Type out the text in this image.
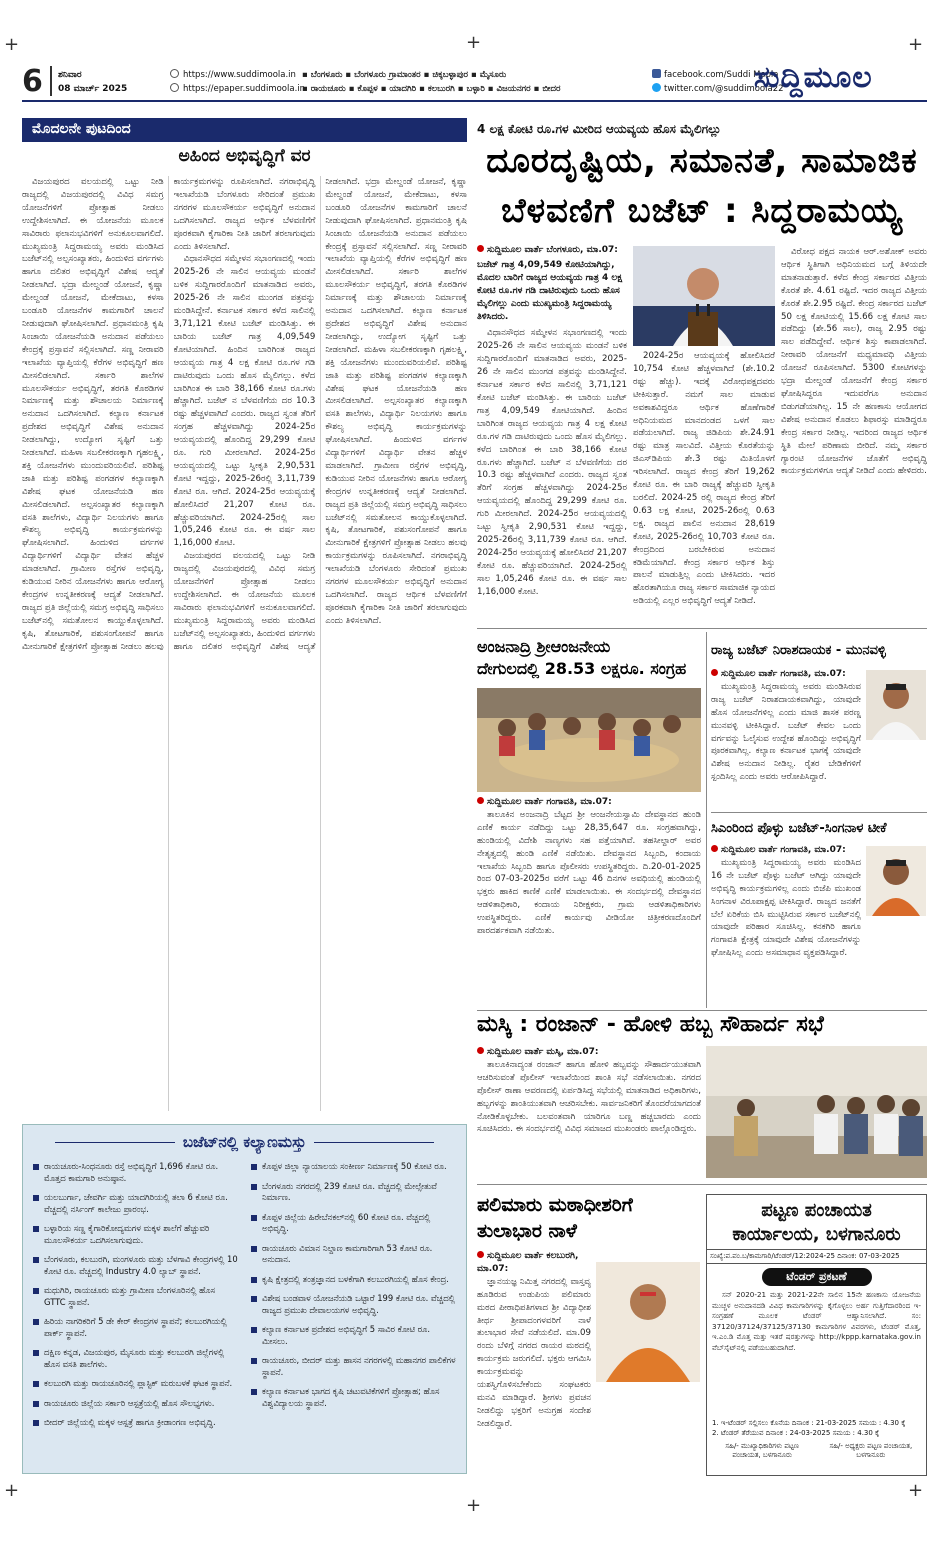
+	+
+	+
+
+
6 ಶನಿವಾರ
08 ಮಾರ್ಚ್ 2025
https://www.suddimoola.in
https://epaper.suddimoola.in
▪ ಬೆಂಗಳೂರು ▪ ಬೆಂಗಳೂರು ಗ್ರಾಮಾಂತರ ▪ ಚಿಕ್ಕಬಳ್ಳಾಪುರ ▪ ಮೈಸೂರು
▪ ರಾಯಚೂರು ▪ ಕೊಪ್ಪಳ ▪ ಯಾದಗಿರಿ ▪ ಕಲಬುರಗಿ ▪ ಬಳ್ಳಾರಿ ▪ ವಿಜಯನಗರ ▪ ಬೀದರ
facebook.com/Suddi Moola
twitter.com/@suddimoola22
ಸುದ್ದಿಮೂಲ
ಮೊದಲನೇ ಪುಟದಿಂದ
ಅಹಿಂದ ಅಭಿವೃದ್ಧಿಗೆ ವರ

ವಿಜಯಪುರದ ವಲಯದಲ್ಲಿ ಒಟ್ಟು ನೀಡಿ ರಾಜ್ಯದಲ್ಲಿ ವಿಜಯಪುರದಲ್ಲಿ ವಿವಿಧ ಸಮಗ್ರ ಯೋಜನೆಗಳಿಗೆ ಪ್ರೋತ್ಸಾಹ ನೀಡಲು ಉದ್ದೇಶಿಸಲಾಗಿದೆ. ಈ ಯೋಜನೆಯ ಮೂಲಕ ಸಾವಿರಾರು ಫಲಾನುಭವಿಗಳಿಗೆ ಅನುಕೂಲವಾಗಲಿದೆ. ಮುಖ್ಯಮಂತ್ರಿ ಸಿದ್ದರಾಮಯ್ಯ ಅವರು ಮಂಡಿಸಿದ ಬಜೆಟ್‌ನಲ್ಲಿ ಅಲ್ಪಸಂಖ್ಯಾತರು, ಹಿಂದುಳಿದ ವರ್ಗಗಳು ಹಾಗೂ ದಲಿತರ ಅಭಿವೃದ್ಧಿಗೆ ವಿಶೇಷ ಆದ್ಯತೆ ನೀಡಲಾಗಿದೆ. ಭದ್ರಾ ಮೇಲ್ದಂಡೆ ಯೋಜನೆ, ಕೃಷ್ಣಾ ಮೇಲ್ದಂಡೆ ಯೋಜನೆ, ಮೇಕೆದಾಟು, ಕಳಸಾ ಬಂಡೂರಿ ಯೋಜನೆಗಳ ಕಾಮಗಾರಿಗೆ ಚಾಲನೆ ನೀಡುವುದಾಗಿ ಘೋಷಿಸಲಾಗಿದೆ. ಪ್ರಧಾನಮಂತ್ರಿ ಕೃಷಿ ಸಿಂಚಾಯಿ ಯೋಜನೆಯಡಿ ಅನುದಾನ ಪಡೆಯಲು ಕೇಂದ್ರಕ್ಕೆ ಪ್ರಸ್ತಾವನೆ ಸಲ್ಲಿಸಲಾಗಿದೆ. ಸಣ್ಣ ನೀರಾವರಿ ಇಲಾಖೆಯ ವ್ಯಾಪ್ತಿಯಲ್ಲಿ ಕೆರೆಗಳ ಅಭಿವೃದ್ಧಿಗೆ ಹಣ ಮೀಸಲಿಡಲಾಗಿದೆ. ಸರ್ಕಾರಿ ಶಾಲೆಗಳ ಮೂಲಸೌಕರ್ಯ ಅಭಿವೃದ್ಧಿಗೆ, ತರಗತಿ ಕೊಠಡಿಗಳ ನಿರ್ಮಾಣಕ್ಕೆ ಮತ್ತು ಶೌಚಾಲಯ ನಿರ್ಮಾಣಕ್ಕೆ ಅನುದಾನ ಒದಗಿಸಲಾಗಿದೆ. ಕಲ್ಯಾಣ ಕರ್ನಾಟಕ ಪ್ರದೇಶದ ಅಭಿವೃದ್ಧಿಗೆ ವಿಶೇಷ ಅನುದಾನ ನೀಡಲಾಗಿದ್ದು, ಉದ್ಯೋಗ ಸೃಷ್ಟಿಗೆ ಒತ್ತು ನೀಡಲಾಗಿದೆ. ಮಹಿಳಾ ಸಬಲೀಕರಣಕ್ಕಾಗಿ ಗೃಹಲಕ್ಷ್ಮಿ, ಶಕ್ತಿ ಯೋಜನೆಗಳು ಮುಂದುವರಿಯಲಿವೆ. ಪರಿಶಿಷ್ಟ ಜಾತಿ ಮತ್ತು ಪರಿಶಿಷ್ಟ ಪಂಗಡಗಳ ಕಲ್ಯಾಣಕ್ಕಾಗಿ ವಿಶೇಷ ಘಟಕ ಯೋಜನೆಯಡಿ ಹಣ ಮೀಸಲಿಡಲಾಗಿದೆ. ಅಲ್ಪಸಂಖ್ಯಾತರ ಕಲ್ಯಾಣಕ್ಕಾಗಿ ವಸತಿ ಶಾಲೆಗಳು, ವಿದ್ಯಾರ್ಥಿ ನಿಲಯಗಳು ಹಾಗೂ ಕೌಶಲ್ಯ ಅಭಿವೃದ್ಧಿ ಕಾರ್ಯಕ್ರಮಗಳನ್ನು ಘೋಷಿಸಲಾಗಿದೆ. ಹಿಂದುಳಿದ ವರ್ಗಗಳ ವಿದ್ಯಾರ್ಥಿಗಳಿಗೆ ವಿದ್ಯಾರ್ಥಿ ವೇತನ ಹೆಚ್ಚಳ ಮಾಡಲಾಗಿದೆ. ಗ್ರಾಮೀಣ ರಸ್ತೆಗಳ ಅಭಿವೃದ್ಧಿ, ಕುಡಿಯುವ ನೀರಿನ ಯೋಜನೆಗಳು ಹಾಗೂ ಆರೋಗ್ಯ ಕೇಂದ್ರಗಳ ಉನ್ನತೀಕರಣಕ್ಕೆ ಆದ್ಯತೆ ನೀಡಲಾಗಿದೆ. ರಾಜ್ಯದ ಪ್ರತಿ ಜಿಲ್ಲೆಯಲ್ಲಿ ಸಮಗ್ರ ಅಭಿವೃದ್ಧಿ ಸಾಧಿಸಲು ಬಜೆಟ್‌ನಲ್ಲಿ ಸಮತೋಲನ ಕಾಯ್ದುಕೊಳ್ಳಲಾಗಿದೆ. ಕೃಷಿ, ತೋಟಗಾರಿಕೆ, ಪಶುಸಂಗೋಪನೆ ಹಾಗೂ ಮೀನುಗಾರಿಕೆ ಕ್ಷೇತ್ರಗಳಿಗೆ ಪ್ರೋತ್ಸಾಹ ನೀಡಲು ಹಲವು ಕಾರ್ಯಕ್ರಮಗಳನ್ನು ರೂಪಿಸಲಾಗಿದೆ. ನಗರಾಭಿವೃದ್ಧಿ ಇಲಾಖೆಯಡಿ ಬೆಂಗಳೂರು ಸೇರಿದಂತೆ ಪ್ರಮುಖ ನಗರಗಳ ಮೂಲಸೌಕರ್ಯ ಅಭಿವೃದ್ಧಿಗೆ ಅನುದಾನ ಒದಗಿಸಲಾಗಿದೆ. ರಾಜ್ಯದ ಆರ್ಥಿಕ ಬೆಳವಣಿಗೆಗೆ ಪೂರಕವಾಗಿ ಕೈಗಾರಿಕಾ ನೀತಿ ಜಾರಿಗೆ ತರಲಾಗುವುದು ಎಂದು ತಿಳಿಸಲಾಗಿದೆ.

ವಿಧಾನಸೌಧದ ಸಮ್ಮೇಳನ ಸಭಾಂಗಣದಲ್ಲಿ ಇಂದು 2025-26 ನೇ ಸಾಲಿನ ಆಯವ್ಯಯ ಮಂಡನೆ ಬಳಿಕ ಸುದ್ದಿಗಾರರೊಂದಿಗೆ ಮಾತನಾಡಿದ ಅವರು, 2025-26 ನೇ ಸಾಲಿನ ಮುಂಗಡ ಪತ್ರವನ್ನು ಮಂಡಿಸಿದ್ದೇನೆ. ಕರ್ನಾಟಕ ಸರ್ಕಾರ ಕಳೆದ ಸಾಲಿನಲ್ಲಿ 3,71,121 ಕೋಟಿ ಬಜೆಟ್ ಮಂಡಿಸಿತ್ತು. ಈ ಬಾರಿಯ ಬಜೆಟ್ ಗಾತ್ರ 4,09,549 ಕೋಟಿಯಾಗಿದೆ. ಹಿಂದಿನ ಬಾರಿಗಿಂತ ರಾಜ್ಯದ ಆಯವ್ಯಯ ಗಾತ್ರ 4 ಲಕ್ಷ ಕೋಟಿ ರೂ.ಗಳ ಗಡಿ ದಾಟಿರುವುದು ಒಂದು ಹೊಸ ಮೈಲಿಗಲ್ಲು. ಕಳೆದ ಬಾರಿಗಿಂತ ಈ ಬಾರಿ 38,166 ಕೋಟಿ ರೂ.ಗಳು ಹೆಚ್ಚಾಗಿದೆ. ಬಜೆಟ್ ನ ಬೆಳವಣಿಗೆಯ ದರ 10.3 ರಷ್ಟು ಹೆಚ್ಚಳವಾಗಿದೆ ಎಂದರು. ರಾಜ್ಯದ ಸ್ವಂತ ತೆರಿಗೆ ಸಂಗ್ರಹ ಹೆಚ್ಚಳವಾಗಿದ್ದು 2024-25ರ ಆಯವ್ಯಯದಲ್ಲಿ ಹೊಂದಿದ್ದ 29,299 ಕೋಟಿ ರೂ. ಗುರಿ ಮೀರಲಾಗಿದೆ. 2024-25ರ ಆಯವ್ಯಯದಲ್ಲಿ ಒಟ್ಟು ಸ್ವೀಕೃತಿ 2,90,531 ಕೋಟಿ ಇದ್ದದ್ದು, 2025-26ರಲ್ಲಿ 3,11,739 ಕೋಟಿ ರೂ. ಆಗಿದೆ. 2024-25ರ ಆಯವ್ಯಯಕ್ಕೆ ಹೋಲಿಸಿದರೆ 21,207 ಕೋಟಿ ರೂ. ಹೆಚ್ಚುವರಿಯಾಗಿದೆ. 2024-25ರಲ್ಲಿ ಸಾಲ 1,05,246 ಕೋಟಿ ರೂ. ಈ ವರ್ಷ ಸಾಲ 1,16,000 ಕೋಟಿ.

ವಿಜಯಪುರದ ವಲಯದಲ್ಲಿ ಒಟ್ಟು ನೀಡಿ ರಾಜ್ಯದಲ್ಲಿ ವಿಜಯಪುರದಲ್ಲಿ ವಿವಿಧ ಸಮಗ್ರ ಯೋಜನೆಗಳಿಗೆ ಪ್ರೋತ್ಸಾಹ ನೀಡಲು ಉದ್ದೇಶಿಸಲಾಗಿದೆ. ಈ ಯೋಜನೆಯ ಮೂಲಕ ಸಾವಿರಾರು ಫಲಾನುಭವಿಗಳಿಗೆ ಅನುಕೂಲವಾಗಲಿದೆ. ಮುಖ್ಯಮಂತ್ರಿ ಸಿದ್ದರಾಮಯ್ಯ ಅವರು ಮಂಡಿಸಿದ ಬಜೆಟ್‌ನಲ್ಲಿ ಅಲ್ಪಸಂಖ್ಯಾತರು, ಹಿಂದುಳಿದ ವರ್ಗಗಳು ಹಾಗೂ ದಲಿತರ ಅಭಿವೃದ್ಧಿಗೆ ವಿಶೇಷ ಆದ್ಯತೆ ನೀಡಲಾಗಿದೆ. ಭದ್ರಾ ಮೇಲ್ದಂಡೆ ಯೋಜನೆ, ಕೃಷ್ಣಾ ಮೇಲ್ದಂಡೆ ಯೋಜನೆ, ಮೇಕೆದಾಟು, ಕಳಸಾ ಬಂಡೂರಿ ಯೋಜನೆಗಳ ಕಾಮಗಾರಿಗೆ ಚಾಲನೆ ನೀಡುವುದಾಗಿ ಘೋಷಿಸಲಾಗಿದೆ. ಪ್ರಧಾನಮಂತ್ರಿ ಕೃಷಿ ಸಿಂಚಾಯಿ ಯೋಜನೆಯಡಿ ಅನುದಾನ ಪಡೆಯಲು ಕೇಂದ್ರಕ್ಕೆ ಪ್ರಸ್ತಾವನೆ ಸಲ್ಲಿಸಲಾಗಿದೆ. ಸಣ್ಣ ನೀರಾವರಿ ಇಲಾಖೆಯ ವ್ಯಾಪ್ತಿಯಲ್ಲಿ ಕೆರೆಗಳ ಅಭಿವೃದ್ಧಿಗೆ ಹಣ ಮೀಸಲಿಡಲಾಗಿದೆ. ಸರ್ಕಾರಿ ಶಾಲೆಗಳ ಮೂಲಸೌಕರ್ಯ ಅಭಿವೃದ್ಧಿಗೆ, ತರಗತಿ ಕೊಠಡಿಗಳ ನಿರ್ಮಾಣಕ್ಕೆ ಮತ್ತು ಶೌಚಾಲಯ ನಿರ್ಮಾಣಕ್ಕೆ ಅನುದಾನ ಒದಗಿಸಲಾಗಿದೆ. ಕಲ್ಯಾಣ ಕರ್ನಾಟಕ ಪ್ರದೇಶದ ಅಭಿವೃದ್ಧಿಗೆ ವಿಶೇಷ ಅನುದಾನ ನೀಡಲಾಗಿದ್ದು, ಉದ್ಯೋಗ ಸೃಷ್ಟಿಗೆ ಒತ್ತು ನೀಡಲಾಗಿದೆ. ಮಹಿಳಾ ಸಬಲೀಕರಣಕ್ಕಾಗಿ ಗೃಹಲಕ್ಷ್ಮಿ, ಶಕ್ತಿ ಯೋಜನೆಗಳು ಮುಂದುವರಿಯಲಿವೆ. ಪರಿಶಿಷ್ಟ ಜಾತಿ ಮತ್ತು ಪರಿಶಿಷ್ಟ ಪಂಗಡಗಳ ಕಲ್ಯಾಣಕ್ಕಾಗಿ ವಿಶೇಷ ಘಟಕ ಯೋಜನೆಯಡಿ ಹಣ ಮೀಸಲಿಡಲಾಗಿದೆ. ಅಲ್ಪಸಂಖ್ಯಾತರ ಕಲ್ಯಾಣಕ್ಕಾಗಿ ವಸತಿ ಶಾಲೆಗಳು, ವಿದ್ಯಾರ್ಥಿ ನಿಲಯಗಳು ಹಾಗೂ ಕೌಶಲ್ಯ ಅಭಿವೃದ್ಧಿ ಕಾರ್ಯಕ್ರಮಗಳನ್ನು ಘೋಷಿಸಲಾಗಿದೆ. ಹಿಂದುಳಿದ ವರ್ಗಗಳ ವಿದ್ಯಾರ್ಥಿಗಳಿಗೆ ವಿದ್ಯಾರ್ಥಿ ವೇತನ ಹೆಚ್ಚಳ ಮಾಡಲಾಗಿದೆ. ಗ್ರಾಮೀಣ ರಸ್ತೆಗಳ ಅಭಿವೃದ್ಧಿ, ಕುಡಿಯುವ ನೀರಿನ ಯೋಜನೆಗಳು ಹಾಗೂ ಆರೋಗ್ಯ ಕೇಂದ್ರಗಳ ಉನ್ನತೀಕರಣಕ್ಕೆ ಆದ್ಯತೆ ನೀಡಲಾಗಿದೆ. ರಾಜ್ಯದ ಪ್ರತಿ ಜಿಲ್ಲೆಯಲ್ಲಿ ಸಮಗ್ರ ಅಭಿವೃದ್ಧಿ ಸಾಧಿಸಲು ಬಜೆಟ್‌ನಲ್ಲಿ ಸಮತೋಲನ ಕಾಯ್ದುಕೊಳ್ಳಲಾಗಿದೆ. ಕೃಷಿ, ತೋಟಗಾರಿಕೆ, ಪಶುಸಂಗೋಪನೆ ಹಾಗೂ ಮೀನುಗಾರಿಕೆ ಕ್ಷೇತ್ರಗಳಿಗೆ ಪ್ರೋತ್ಸಾಹ ನೀಡಲು ಹಲವು ಕಾರ್ಯಕ್ರಮಗಳನ್ನು ರೂಪಿಸಲಾಗಿದೆ. ನಗರಾಭಿವೃದ್ಧಿ ಇಲಾಖೆಯಡಿ ಬೆಂಗಳೂರು ಸೇರಿದಂತೆ ಪ್ರಮುಖ ನಗರಗಳ ಮೂಲಸೌಕರ್ಯ ಅಭಿವೃದ್ಧಿಗೆ ಅನುದಾನ ಒದಗಿಸಲಾಗಿದೆ. ರಾಜ್ಯದ ಆರ್ಥಿಕ ಬೆಳವಣಿಗೆಗೆ ಪೂರಕವಾಗಿ ಕೈಗಾರಿಕಾ ನೀತಿ ಜಾರಿಗೆ ತರಲಾಗುವುದು ಎಂದು ತಿಳಿಸಲಾಗಿದೆ.

ಬಜೆಟ್‌ನಲ್ಲಿ ಕಲ್ಯಾಣಮಸ್ತು
ರಾಯಚೂರು-ಸಿಂಧನೂರು ರಸ್ತೆ ಅಭಿವೃದ್ಧಿಗೆ 1,696 ಕೋಟಿ ರೂ. ಮೊತ್ತದ ಕಾಮಗಾರಿ ಅನುಷ್ಠಾನ.
ಯಲಬುರ್ಗಾ, ಜೇವರ್ಗಿ ಮತ್ತು ಯಾದಗಿರಿಯಲ್ಲಿ ತಲಾ 6 ಕೋಟಿ ರೂ. ವೆಚ್ಚದಲ್ಲಿ ನರ್ಸಿಂಗ್ ಕಾಲೇಜು ಪ್ರಾರಂಭ.
ಬಳ್ಳಾರಿಯ ಸಣ್ಣ ಕೈಗಾರಿಕೋದ್ಯಮಗಳ ಮಕ್ಕಳ ಶಾಲೆಗೆ ಹೆಚ್ಚುವರಿ ಮೂಲಸೌಕರ್ಯ ಒದಗಿಸಲಾಗುವುದು.
ಬೆಂಗಳೂರು, ಕಲಬುರಗಿ, ಮಂಗಳೂರು ಮತ್ತು ಬೆಳಗಾವಿ ಕೇಂದ್ರಗಳಲ್ಲಿ 10 ಕೋಟಿ ರೂ. ವೆಚ್ಚದಲ್ಲಿ Industry 4.0 ಲ್ಯಾಬ್ ಸ್ಥಾಪನೆ.
ಮಧುಗಿರಿ, ರಾಯಚೂರು ಮತ್ತು ಗ್ರಾಮೀಣ ಬೆಂಗಳೂರಿನಲ್ಲಿ ಹೊಸ GTTC ಸ್ಥಾಪನೆ.
ಹಿರಿಯ ನಾಗರಿಕರಿಗೆ 5 ಡೇ ಕೇರ್ ಕೇಂದ್ರಗಳ ಸ್ಥಾಪನೆ; ಕಲಬುರಗಿಯಲ್ಲಿ ಪಾರ್ಕ್ ಸ್ಥಾಪನೆ.
ದಕ್ಷಿಣ ಕನ್ನಡ, ವಿಜಯಪುರ, ಮೈಸೂರು ಮತ್ತು ಕಲಬುರಗಿ ಜಿಲ್ಲೆಗಳಲ್ಲಿ ಹೊಸ ವಸತಿ ಶಾಲೆಗಳು.
ಕಲಬುರಗಿ ಮತ್ತು ರಾಯಚೂರಿನಲ್ಲಿ ಪ್ಲಾಸ್ಟಿಕ್ ಮರುಬಳಕೆ ಘಟಕ ಸ್ಥಾಪನೆ.
ರಾಯಚೂರು ಜಿಲ್ಲೆಯ ಸರ್ಕಾರಿ ಆಸ್ಪತ್ರೆಯಲ್ಲಿ ಹೊಸ ಸೌಲಭ್ಯಗಳು.
ಬೀದರ್ ಜಿಲ್ಲೆಯಲ್ಲಿ ಮಕ್ಕಳ ಆಸ್ಪತ್ರೆ ಹಾಗೂ ಕ್ರೀಡಾಂಗಣ ಅಭಿವೃದ್ಧಿ.
ಕೊಪ್ಪಳ ಜಿಲ್ಲಾ ನ್ಯಾಯಾಲಯ ಸಂಕೀರ್ಣ ನಿರ್ಮಾಣಕ್ಕೆ 50 ಕೋಟಿ ರೂ.
ಬೆಂಗಳೂರು ನಗರದಲ್ಲಿ 239 ಕೋಟಿ ರೂ. ವೆಚ್ಚದಲ್ಲಿ ಮೇಲ್ಸೇತುವೆ ನಿರ್ಮಾಣ.
ಕೊಪ್ಪಳ ಜಿಲ್ಲೆಯ ಹಿರೇಬೆನಕಲ್‌ನಲ್ಲಿ 60 ಕೋಟಿ ರೂ. ವೆಚ್ಚದಲ್ಲಿ ಅಭಿವೃದ್ಧಿ.
ರಾಯಚೂರು ವಿಮಾನ ನಿಲ್ದಾಣ ಕಾಮಗಾರಿಗಾಗಿ 53 ಕೋಟಿ ರೂ. ಅನುದಾನ.
ಕೃಷಿ ಕ್ಷೇತ್ರದಲ್ಲಿ ತಂತ್ರಜ್ಞಾನದ ಬಳಕೆಗಾಗಿ ಕಲಬುರಗಿಯಲ್ಲಿ ಹೊಸ ಕೇಂದ್ರ.
ವಿಶೇಷ ಬಂಡವಾಳ ಯೋಜನೆಯಡಿ ಒಟ್ಟಾರೆ 199 ಕೋಟಿ ರೂ. ವೆಚ್ಚದಲ್ಲಿ ರಾಜ್ಯದ ಪ್ರಮುಖ ದೇವಾಲಯಗಳ ಅಭಿವೃದ್ಧಿ.
ಕಲ್ಯಾಣ ಕರ್ನಾಟಕ ಪ್ರದೇಶದ ಅಭಿವೃದ್ಧಿಗೆ 5 ಸಾವಿರ ಕೋಟಿ ರೂ. ಮೀಸಲು.
ರಾಯಚೂರು, ಬೀದರ್ ಮತ್ತು ಹಾಸನ ನಗರಗಳಲ್ಲಿ ಮಹಾನಗರ ಪಾಲಿಕೆಗಳ ಸ್ಥಾಪನೆ.
ಕಲ್ಯಾಣ ಕರ್ನಾಟಕ ಭಾಗದ ಕೃಷಿ ಚಟುವಟಿಕೆಗಳಿಗೆ ಪ್ರೋತ್ಸಾಹ; ಹೊಸ ವಿಶ್ವವಿದ್ಯಾಲಯ ಸ್ಥಾಪನೆ.
4 ಲಕ್ಷ ಕೋಟಿ ರೂ.ಗಳ ಮೀರಿದ ಆಯವ್ಯಯ ಹೊಸ ಮೈಲಿಗಲ್ಲು
ದೂರದೃಷ್ಟಿಯ, ಸಮಾನತೆ, ಸಾಮಾಜಿಕ
ಬೆಳವಣಿಗೆ ಬಜೆಟ್ : ಸಿದ್ದರಾಮಯ್ಯ
ಸುದ್ದಿಮೂಲ ವಾರ್ತೆ ಬೆಂಗಳೂರು, ಮಾ.07:
ಬಜೆಟ್ ಗಾತ್ರ 4,09,549 ಕೋಟಿಯಾಗಿದ್ದು, ಮೊದಲ ಬಾರಿಗೆ ರಾಜ್ಯದ ಆಯವ್ಯಯ ಗಾತ್ರ 4 ಲಕ್ಷ ಕೋಟಿ ರೂ.ಗಳ ಗಡಿ ದಾಟಿರುವುದು ಒಂದು ಹೊಸ ಮೈಲಿಗಲ್ಲು ಎಂದು ಮುಖ್ಯಮಂತ್ರಿ ಸಿದ್ದರಾಮಯ್ಯ ತಿಳಿಸಿದರು.

ವಿಧಾನಸೌಧದ ಸಮ್ಮೇಳನ ಸಭಾಂಗಣದಲ್ಲಿ ಇಂದು 2025-26 ನೇ ಸಾಲಿನ ಆಯವ್ಯಯ ಮಂಡನೆ ಬಳಿಕ ಸುದ್ದಿಗಾರರೊಂದಿಗೆ ಮಾತನಾಡಿದ ಅವರು, 2025-26 ನೇ ಸಾಲಿನ ಮುಂಗಡ ಪತ್ರವನ್ನು ಮಂಡಿಸಿದ್ದೇನೆ. ಕರ್ನಾಟಕ ಸರ್ಕಾರ ಕಳೆದ ಸಾಲಿನಲ್ಲಿ 3,71,121 ಕೋಟಿ ಬಜೆಟ್ ಮಂಡಿಸಿತ್ತು. ಈ ಬಾರಿಯ ಬಜೆಟ್ ಗಾತ್ರ 4,09,549 ಕೋಟಿಯಾಗಿದೆ. ಹಿಂದಿನ ಬಾರಿಗಿಂತ ರಾಜ್ಯದ ಆಯವ್ಯಯ ಗಾತ್ರ 4 ಲಕ್ಷ ಕೋಟಿ ರೂ.ಗಳ ಗಡಿ ದಾಟಿರುವುದು ಒಂದು ಹೊಸ ಮೈಲಿಗಲ್ಲು. ಕಳೆದ ಬಾರಿಗಿಂತ ಈ ಬಾರಿ 38,166 ಕೋಟಿ ರೂ.ಗಳು ಹೆಚ್ಚಾಗಿದೆ. ಬಜೆಟ್ ನ ಬೆಳವಣಿಗೆಯ ದರ 10.3 ರಷ್ಟು ಹೆಚ್ಚಳವಾಗಿದೆ ಎಂದರು. ರಾಜ್ಯದ ಸ್ವಂತ ತೆರಿಗೆ ಸಂಗ್ರಹ ಹೆಚ್ಚಳವಾಗಿದ್ದು 2024-25ರ ಆಯವ್ಯಯದಲ್ಲಿ ಹೊಂದಿದ್ದ 29,299 ಕೋಟಿ ರೂ. ಗುರಿ ಮೀರಲಾಗಿದೆ. 2024-25ರ ಆಯವ್ಯಯದಲ್ಲಿ ಒಟ್ಟು ಸ್ವೀಕೃತಿ 2,90,531 ಕೋಟಿ ಇದ್ದದ್ದು, 2025-26ರಲ್ಲಿ 3,11,739 ಕೋಟಿ ರೂ. ಆಗಿದೆ. 2024-25ರ ಆಯವ್ಯಯಕ್ಕೆ ಹೋಲಿಸಿದರೆ 21,207 ಕೋಟಿ ರೂ. ಹೆಚ್ಚುವರಿಯಾಗಿದೆ. 2024-25ರಲ್ಲಿ ಸಾಲ 1,05,246 ಕೋಟಿ ರೂ. ಈ ವರ್ಷ ಸಾಲ 1,16,000 ಕೋಟಿ.

2024-25ರ ಆಯವ್ಯಯಕ್ಕೆ ಹೋಲಿಸಿದರೆ 10,754 ಕೋಟಿ ಹೆಚ್ಚಳವಾಗಿದೆ (ಶೇ.10.2 ರಷ್ಟು ಹೆಚ್ಚು). ಇದಕ್ಕೆ ವಿರೋಧಪಕ್ಷದವರು ಟೀಕಿಸುತ್ತಾರೆ. ನಮಗೆ ಸಾಲ ಮಾಡುವ ಅವಕಾಶವಿದ್ದರೂ ಆರ್ಥಿಕ ಹೊಣೆಗಾರಿಕೆ ಅಧಿನಿಯಮದ ಮಾನದಂಡದ ಒಳಗೆ ಸಾಲ ಪಡೆಯಲಾಗಿದೆ. ರಾಜ್ಯ ಜಿಡಿಪಿಯ ಶೇ.24.91 ರಷ್ಟು ಮಾತ್ರ ಸಾಲವಿದೆ. ವಿತ್ತೀಯ ಕೊರತೆಯನ್ನು ಜಿಎಸ್‌ಡಿಪಿಯ ಶೇ.3 ರಷ್ಟು ಮಿತಿಯೊಳಗೆ ಇರಿಸಲಾಗಿದೆ. ರಾಜ್ಯದ ಕೇಂದ್ರ ತೆರಿಗೆ 19,262 ಕೋಟಿ ರೂ. ಈ ಬಾರಿ ರಾಜ್ಯಕ್ಕೆ ಹೆಚ್ಚುವರಿ ಸ್ವೀಕೃತಿ ಬರಲಿದೆ. 2024-25 ರಲ್ಲಿ ರಾಜ್ಯದ ಕೇಂದ್ರ ತೆರಿಗೆ 0.63 ಲಕ್ಷ ಕೋಟಿ, 2025-26ರಲ್ಲಿ 0.63 ಲಕ್ಷ. ರಾಜ್ಯದ ಪಾಲಿನ ಅನುದಾನ 28,619 ಕೋಟಿ, 2025-26ರಲ್ಲಿ 10,703 ಕೋಟಿ ರೂ. ಕೇಂದ್ರದಿಂದ ಬರಬೇಕಿರುವ ಅನುದಾನ ಕಡಿಮೆಯಾಗಿದೆ. ಕೇಂದ್ರ ಸರ್ಕಾರ ಆರ್ಥಿಕ ಶಿಸ್ತು ಪಾಲನೆ ಮಾಡುತ್ತಿಲ್ಲ ಎಂದು ಟೀಕಿಸಿದರು. ಇದರ ಹೊರತಾಗಿಯೂ ರಾಜ್ಯ ಸರ್ಕಾರ ಸಾಮಾಜಿಕ ನ್ಯಾಯದ ಅಡಿಯಲ್ಲಿ ಎಲ್ಲರ ಅಭಿವೃದ್ಧಿಗೆ ಆದ್ಯತೆ ನೀಡಿದೆ.

ವಿರೋಧ ಪಕ್ಷದ ನಾಯಕ ಆರ್.ಅಶೋಕ್ ಅವರು ಆರ್ಥಿಕ ಸ್ಥಿತಿಗಾಗಿ ಅಧಿನಿಯಮದ ಬಗ್ಗೆ ತಿಳಿಯದೇ ಮಾತನಾಡುತ್ತಾರೆ. ಕಳೆದ ಕೇಂದ್ರ ಸರ್ಕಾರದ ವಿತ್ತೀಯ ಕೊರತೆ ಶೇ. 4.61 ರಷ್ಟಿದೆ. ಇದರ ರಾಜ್ಯದ ವಿತ್ತೀಯ ಕೊರತೆ ಶೇ.2.95 ರಷ್ಟಿದೆ. ಕೇಂದ್ರ ಸರ್ಕಾರದ ಬಜೆಟ್ 50 ಲಕ್ಷ ಕೋಟಿಯಲ್ಲಿ 15.66 ಲಕ್ಷ ಕೋಟಿ ಸಾಲ ಪಡೆದಿದ್ದು (ಶೇ.56 ಸಾಲ), ರಾಜ್ಯ 2.95 ರಷ್ಟು ಸಾಲ ಪಡೆದಿದ್ದೇವೆ. ಆರ್ಥಿಕ ಶಿಸ್ತು ಕಾಪಾಡಲಾಗಿದೆ. ನೀರಾವರಿ ಯೋಜನೆಗೆ ಮಧ್ಯಮಾವಧಿ ವಿತ್ತೀಯ ಯೋಜನೆ ರೂಪಿಸಲಾಗಿದೆ. 5300 ಕೋಟಿಗಳನ್ನು ಭದ್ರಾ ಮೇಲ್ದಂಡೆ ಯೋಜನೆಗೆ ಕೇಂದ್ರ ಸರ್ಕಾರ ಘೋಷಿಸಿದ್ದರೂ ಇದುವರೆಗೂ ಅನುದಾನ ಬಿಡುಗಡೆಯಾಗಿಲ್ಲ. 15 ನೇ ಹಣಕಾಸು ಆಯೋಗದ ವಿಶೇಷ ಅನುದಾನ ಕೊಡಲು ಶಿಫಾರಸ್ಸು ಮಾಡಿದ್ದರೂ ಕೇಂದ್ರ ಸರ್ಕಾರ ನೀಡಿಲ್ಲ. ಇದರಿಂದ ರಾಜ್ಯದ ಆರ್ಥಿಕ ಸ್ಥಿತಿ ಮೇಲೆ ಪರಿಣಾಮ ಬೀರಿದೆ. ನಮ್ಮ ಸರ್ಕಾರ ಗ್ಯಾರಂಟಿ ಯೋಜನೆಗಳ ಜೊತೆಗೆ ಅಭಿವೃದ್ಧಿ ಕಾರ್ಯಕ್ರಮಗಳಿಗೂ ಆದ್ಯತೆ ನೀಡಿದೆ ಎಂದು ಹೇಳಿದರು.

ಅಂಜನಾದ್ರಿ ಶ್ರೀಆಂಜನೇಯ
ದೇಗುಲದಲ್ಲಿ 28.53 ಲಕ್ಷರೂ. ಸಂಗ್ರಹ
ಸುದ್ದಿಮೂಲ ವಾರ್ತೆ ಗಂಗಾವತಿ, ಮಾ.07:

ತಾಲೂಕಿನ ಅಂಜನಾದ್ರಿ ಬೆಟ್ಟದ ಶ್ರೀ ಆಂಜನೇಯಸ್ವಾಮಿ ದೇವಸ್ಥಾನದ ಹುಂಡಿ ಎಣಿಕೆ ಕಾರ್ಯ ನಡೆದಿದ್ದು ಒಟ್ಟು 28,35,647 ರೂ. ಸಂಗ್ರಹವಾಗಿದ್ದು, ಹುಂಡಿಯಲ್ಲಿ ವಿದೇಶಿ ನಾಣ್ಯಗಳು ಸಹ ಪತ್ತೆಯಾಗಿವೆ. ತಹಸೀಲ್ದಾರ್ ಅವರ ನೇತೃತ್ವದಲ್ಲಿ ಹುಂಡಿ ಎಣಿಕೆ ನಡೆಯಿತು. ದೇವಸ್ಥಾನದ ಸಿಬ್ಬಂದಿ, ಕಂದಾಯ ಇಲಾಖೆಯ ಸಿಬ್ಬಂದಿ ಹಾಗೂ ಪೊಲೀಸರು ಉಪಸ್ಥಿತರಿದ್ದರು. ದಿ.20-01-2025 ರಿಂದ 07-03-2025ರ ವರೆಗೆ ಒಟ್ಟು 46 ದಿನಗಳ ಅವಧಿಯಲ್ಲಿ ಹುಂಡಿಯಲ್ಲಿ ಭಕ್ತರು ಹಾಕಿದ ಕಾಣಿಕೆ ಎಣಿಕೆ ಮಾಡಲಾಯಿತು. ಈ ಸಂದರ್ಭದಲ್ಲಿ ದೇವಸ್ಥಾನದ ಆಡಳಿತಾಧಿಕಾರಿ, ಕಂದಾಯ ನಿರೀಕ್ಷಕರು, ಗ್ರಾಮ ಆಡಳಿತಾಧಿಕಾರಿಗಳು ಉಪಸ್ಥಿತರಿದ್ದರು. ಎಣಿಕೆ ಕಾರ್ಯವು ವೀಡಿಯೋ ಚಿತ್ರೀಕರಣದೊಂದಿಗೆ ಪಾರದರ್ಶಕವಾಗಿ ನಡೆಯಿತು.

ರಾಜ್ಯ ಬಜೆಟ್ ನಿರಾಶದಾಯಕ - ಮುನವಳ್ಳಿ
ಸುದ್ದಿಮೂಲ ವಾರ್ತೆ ಗಂಗಾವತಿ, ಮಾ.07:

ಮುಖ್ಯಮಂತ್ರಿ ಸಿದ್ದರಾಮಯ್ಯ ಅವರು ಮಂಡಿಸಿರುವ ರಾಜ್ಯ ಬಜೆಟ್ ನಿರಾಶದಾಯಕವಾಗಿದ್ದು, ಯಾವುದೇ ಹೊಸ ಯೋಜನೆಗಳಿಲ್ಲ ಎಂದು ಮಾಜಿ ಶಾಸಕ ಪರಣ್ಣ ಮುನವಳ್ಳಿ ಟೀಕಿಸಿದ್ದಾರೆ. ಬಜೆಟ್ ಕೇವಲ ಒಂದು ವರ್ಗವನ್ನು ಓಲೈಸುವ ಉದ್ದೇಶ ಹೊಂದಿದ್ದು ಅಭಿವೃದ್ಧಿಗೆ ಪೂರಕವಾಗಿಲ್ಲ. ಕಲ್ಯಾಣ ಕರ್ನಾಟಕ ಭಾಗಕ್ಕೆ ಯಾವುದೇ ವಿಶೇಷ ಅನುದಾನ ನೀಡಿಲ್ಲ. ರೈತರ ಬೇಡಿಕೆಗಳಿಗೆ ಸ್ಪಂದಿಸಿಲ್ಲ ಎಂದು ಅವರು ಆರೋಪಿಸಿದ್ದಾರೆ.

ಸಿಎಂರಿಂದ ಪೊಳ್ಳು ಬಜೆಟ್-ಸಿಂಗನಾಳ ಟೀಕೆ
ಸುದ್ದಿಮೂಲ ವಾರ್ತೆ ಗಂಗಾವತಿ, ಮಾ.07:

ಮುಖ್ಯಮಂತ್ರಿ ಸಿದ್ದರಾಮಯ್ಯ ಅವರು ಮಂಡಿಸಿದ 16 ನೇ ಬಜೆಟ್ ಪೊಳ್ಳು ಬಜೆಟ್ ಆಗಿದ್ದು ಯಾವುದೇ ಅಭಿವೃದ್ಧಿ ಕಾರ್ಯಕ್ರಮಗಳಿಲ್ಲ ಎಂದು ಬಿಜೆಪಿ ಮುಖಂಡ ಸಿಂಗನಾಳ ವಿರೂಪಾಕ್ಷಪ್ಪ ಟೀಕಿಸಿದ್ದಾರೆ. ರಾಜ್ಯದ ಜನತೆಗೆ ಬೆಲೆ ಏರಿಕೆಯ ಬಿಸಿ ಮುಟ್ಟಿಸಿರುವ ಸರ್ಕಾರ ಬಜೆಟ್‌ನಲ್ಲಿ ಯಾವುದೇ ಪರಿಹಾರ ಸೂಚಿಸಿಲ್ಲ. ಕನಕಗಿರಿ ಹಾಗೂ ಗಂಗಾವತಿ ಕ್ಷೇತ್ರಕ್ಕೆ ಯಾವುದೇ ವಿಶೇಷ ಯೋಜನೆಗಳನ್ನು ಘೋಷಿಸಿಲ್ಲ ಎಂದು ಅಸಮಾಧಾನ ವ್ಯಕ್ತಪಡಿಸಿದ್ದಾರೆ.

ಮಸ್ಕಿ : ರಂಜಾನ್ - ಹೋಳಿ ಹಬ್ಬ ಸೌಹಾರ್ದ ಸಭೆ
ಸುದ್ದಿಮೂಲ ವಾರ್ತೆ ಮಸ್ಕಿ, ಮಾ.07:

ತಾಲೂಕಿನಾದ್ಯಂತ ರಂಜಾನ್ ಹಾಗೂ ಹೋಳಿ ಹಬ್ಬವನ್ನು ಸೌಹಾರ್ದಯುತವಾಗಿ ಆಚರಿಸುವಂತೆ ಪೊಲೀಸ್ ಇಲಾಖೆಯಿಂದ ಶಾಂತಿ ಸಭೆ ನಡೆಸಲಾಯಿತು. ನಗರದ ಪೊಲೀಸ್ ಠಾಣಾ ಆವರಣದಲ್ಲಿ ಏರ್ಪಡಿಸಿದ್ದ ಸಭೆಯಲ್ಲಿ ಮಾತನಾಡಿದ ಅಧಿಕಾರಿಗಳು, ಹಬ್ಬಗಳನ್ನು ಶಾಂತಿಯುತವಾಗಿ ಆಚರಿಸಬೇಕು. ಸಾರ್ವಜನಿಕರಿಗೆ ತೊಂದರೆಯಾಗದಂತೆ ನೋಡಿಕೊಳ್ಳಬೇಕು. ಬಲವಂತವಾಗಿ ಯಾರಿಗೂ ಬಣ್ಣ ಹಚ್ಚಬಾರದು ಎಂದು ಸೂಚಿಸಿದರು. ಈ ಸಂದರ್ಭದಲ್ಲಿ ವಿವಿಧ ಸಮಾಜದ ಮುಖಂಡರು ಪಾಲ್ಗೊಂಡಿದ್ದರು.

ಪಲಿಮಾರು ಮಠಾಧೀಶರಿಗೆ
ತುಲಾಭಾರ ನಾಳೆ
ಸುದ್ದಿಮೂಲ ವಾರ್ತೆ ಕಲಬುರಗಿ, ಮಾ.07:

ಜ್ಞಾನಯಜ್ಞ ನಿಮಿತ್ತ ನಗರದಲ್ಲಿ ವಾಸ್ತವ್ಯ ಹೂಡಿರುವ ಉಡುಪಿಯ ಪಲಿಮಾರು ಮಠದ ಪೀಠಾಧಿಪತಿಗಳಾದ ಶ್ರೀ ವಿದ್ಯಾಧೀಶ ತೀರ್ಥ ಶ್ರೀಪಾದಂಗಳವರಿಗೆ ನಾಳೆ ತುಲಾಭಾರ ಸೇವೆ ನಡೆಯಲಿದೆ. ಮಾ.09 ರಂದು ಬೆಳಿಗ್ಗೆ ನಗರದ ರಾಯರ ಮಠದಲ್ಲಿ ಕಾರ್ಯಕ್ರಮ ಜರುಗಲಿದೆ. ಭಕ್ತರು ಆಗಮಿಸಿ ಕಾರ್ಯಕ್ರಮವನ್ನು ಯಶಸ್ವಿಗೊಳಿಸಬೇಕೆಂದು ಸಂಘಟಕರು ಮನವಿ ಮಾಡಿದ್ದಾರೆ. ಶ್ರೀಗಳು ಪ್ರವಚನ ನೀಡಲಿದ್ದು ಭಕ್ತರಿಗೆ ಅನುಗ್ರಹ ಸಂದೇಶ ನೀಡಲಿದ್ದಾರೆ.

ಪಟ್ಟಣ ಪಂಚಾಯತ
ಕಾರ್ಯಾಲಯ, ಬಳಗಾನೂರು
ಸಂಖ್ಯೆ:ಪ.ಪಂ.ಬ/ಕಾಮಗಾರಿ/ಟೆಂಡರ್/12:2024-25 ದಿನಾಂಕ: 07-03-2025
ಟೆಂಡರ್ ಪ್ರಕಟಣೆ

ಸನ್ 2020-21 ಮತ್ತು 2021-22ನೇ ಸಾಲಿನ 15ನೇ ಹಣಕಾಸು ಯೋಜನೆಯ ಮುಚ್ಚಳ ಅನುದಾನದಡಿ ವಿವಿಧ ಕಾಮಗಾರಿಗಳನ್ನು ಕೈಗೊಳ್ಳಲು ಅರ್ಹ ಗುತ್ತಿಗೆದಾರರಿಂದ ಇ-ಸಂಗ್ರಹಣೆ ಮೂಲಕ ಟೆಂಡರ್ ಆಹ್ವಾನಿಸಲಾಗಿದೆ. ಸಂ: 37120/37124/37125/37130 ಕಾಮಗಾರಿಗಳ ವಿವರಗಳು, ಟೆಂಡರ್ ಮೊತ್ತ, ಇ.ಎಂ.ಡಿ ಮೊತ್ತ ಮತ್ತು ಇತರೆ ಷರತ್ತುಗಳನ್ನು http://kppp.karnataka.gov.in ವೆಬ್‌ಸೈಟ್‌ನಲ್ಲಿ ಪಡೆಯಬಹುದಾಗಿದೆ.

1. ಇ-ಟೆಂಡರ್ ಸಲ್ಲಿಸಲು ಕೊನೆಯ ದಿನಾಂಕ : 21-03-2025 ಸಮಯ : 4.30 ಕ್ಕೆ
2. ಟೆಂಡರ್ ತೆರೆಯುವ ದಿನಾಂಕ : 24-03-2025 ಸಮಯ : 4.30 ಕ್ಕೆ
ಸಹಿ/- ಮುಖ್ಯಾಧಿಕಾರಿಗಳು ಪಟ್ಟಣ ಪಂಚಾಯತ, ಬಳಗಾನೂರು
ಸಹಿ/- ಅಧ್ಯಕ್ಷರು ಪಟ್ಟಣ ಪಂಚಾಯತ, ಬಳಗಾನೂರು
